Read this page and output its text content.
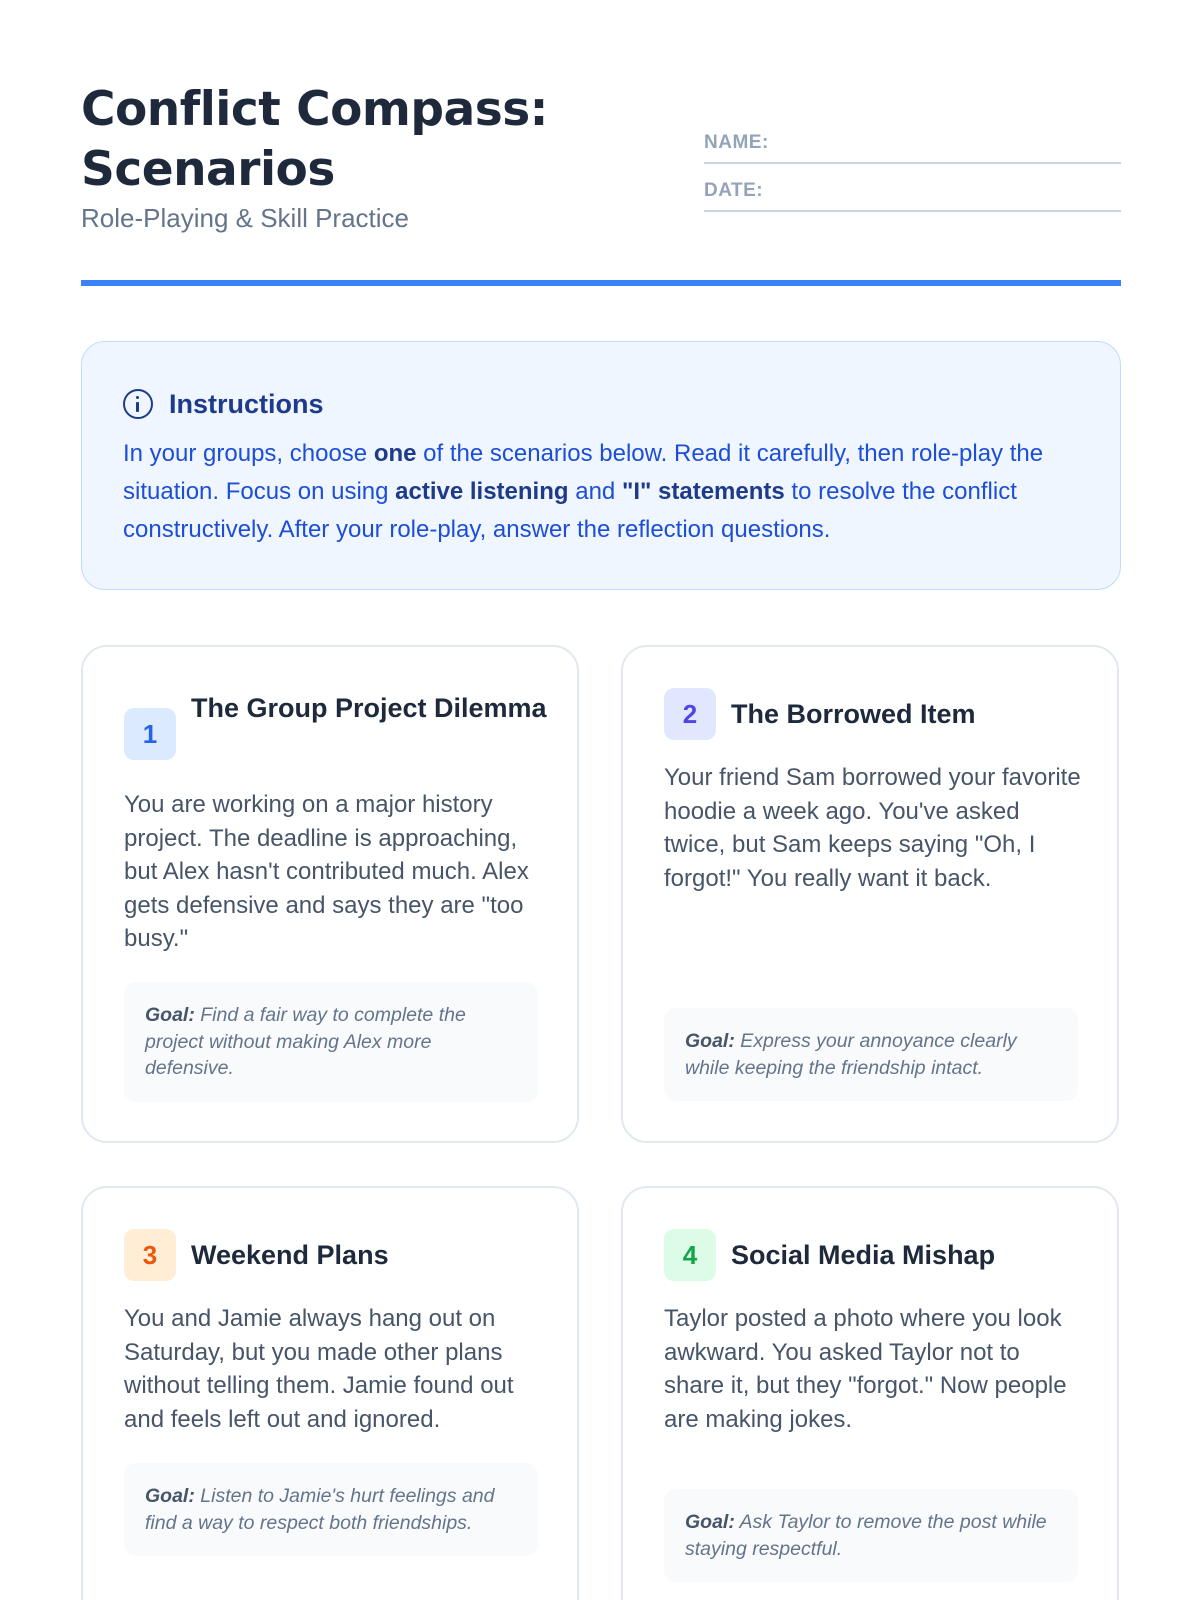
Conflict Compass: Scenarios
Role-Playing & Skill Practice
NAME:
DATE:
Instructions

In your groups, choose one of the scenarios below. Read it carefully, then role-play the situation. Focus on using active listening and "I" statements to resolve the conflict constructively. After your role-play, answer the reflection questions.

1
The Group Project Dilemma

You are working on a major history project. The deadline is approaching, but Alex hasn't contributed much. Alex gets defensive and says they are "too busy."

Goal: Find a fair way to complete the project without making Alex more defensive.
2	The Borrowed Item

Your friend Sam borrowed your favorite hoodie a week ago. You've asked twice, but Sam keeps saying "Oh, I forgot!" You really want it back.

Goal: Express your annoyance clearly while keeping the friendship intact.
3	Weekend Plans

You and Jamie always hang out on Saturday, but you made other plans without telling them. Jamie found out and feels left out and ignored.

Goal: Listen to Jamie's hurt feelings and find a way to respect both friendships.
4	Social Media Mishap

Taylor posted a photo where you look awkward. You asked Taylor not to share it, but they "forgot." Now people are making jokes.

Goal: Ask Taylor to remove the post while staying respectful.
